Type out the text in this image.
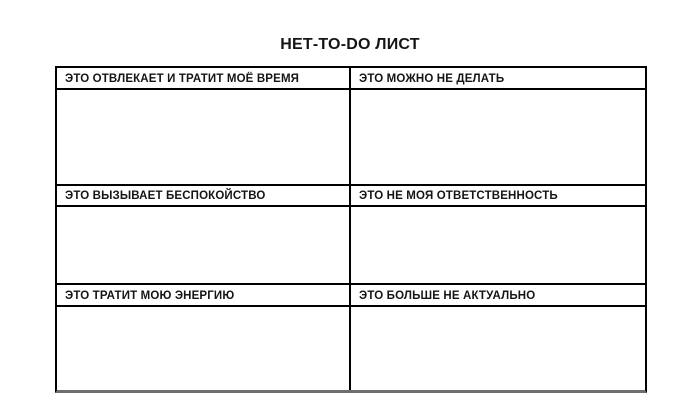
НЕТ-TO-DO ЛИСТ
ЭТО ОТВЛЕКАЕТ И ТРАТИТ МОЁ ВРЕМЯ	ЭТО МОЖНО НЕ ДЕЛАТЬ
ЭТО ВЫЗЫВАЕТ БЕСПОКОЙСТВО	ЭТО НЕ МОЯ ОТВЕТСТВЕННОСТЬ
ЭТО ТРАТИТ МОЮ ЭНЕРГИЮ	ЭТО БОЛЬШЕ НЕ АКТУАЛЬНО
